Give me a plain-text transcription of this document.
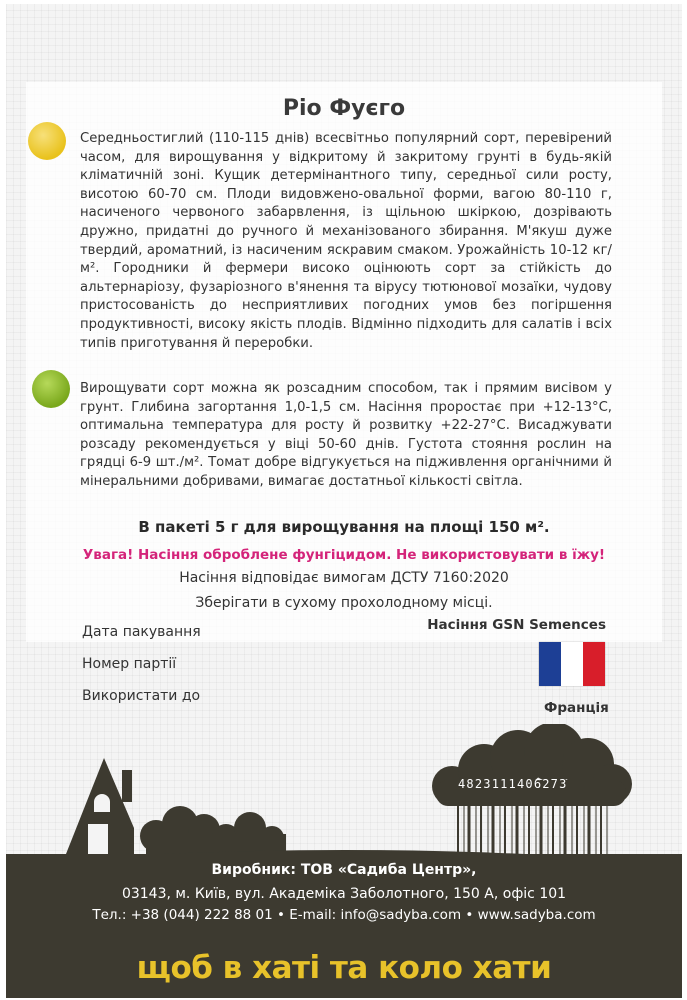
Ріо Фуєго
Середньостиглий (110-115 днів) всесвітньо популярний сорт, перевірений часом, для вирощування у відкритому й закритому грунті в будь-якій кліматичній зоні. Кущик детермінантного типу, середньої сили росту, висотою 60-70 см. Плоди видовжено-овальної форми, вагою 80-110 г, насиченого червоного забарвлення, із щільною шкіркою, дозрівають дружно, придатні до ручного й механізованого збирання. М'якуш дуже твердий, ароматний, із насиченим яскравим смаком. Урожайність 10-12 кг/м². Городники й фермери високо оцінюють сорт за стійкість до альтернаріозу, фузаріозного в'янення та вірусу тютюнової мозаїки, чудову пристосованість до несприятливих погодних умов без погіршення продуктивності, високу якість плодів. Відмінно підходить для салатів і всіх типів приготування й переробки.
Вирощувати сорт можна як розсадним способом, так і прямим висівом у грунт. Глибина загортання 1,0-1,5 см. Насіння проростає при +12-13°С, оптимальна температура для росту й розвитку +22-27°С. Висаджувати розсаду рекомендується у віці 50-60 днів. Густота стояння рослин на грядці 6-9 шт./м². Томат добре відгукується на підживлення органічними й мінеральними добривами, вимагає достатньої кількості світла.
В пакеті 5 г для вирощування на площі 150 м².
Увага! Насіння оброблене фунгіцидом. Не використовувати в їжу!
Насіння відповідає вимогам ДСТУ 7160:2020
Зберігати в сухому прохолодному місці.
Дата пакування
Номер партії
Використати до
Насіння GSN Semences
Франція
4823111406273
Виробник: ТОВ «Садиба Центр»,
03143, м. Київ, вул. Академіка Заболотного, 150 А, офіс 101
Тел.: +38 (044) 222 88 01 • E-mail: info@sadyba.com • www.sadyba.com
щоб в хаті та коло хати
